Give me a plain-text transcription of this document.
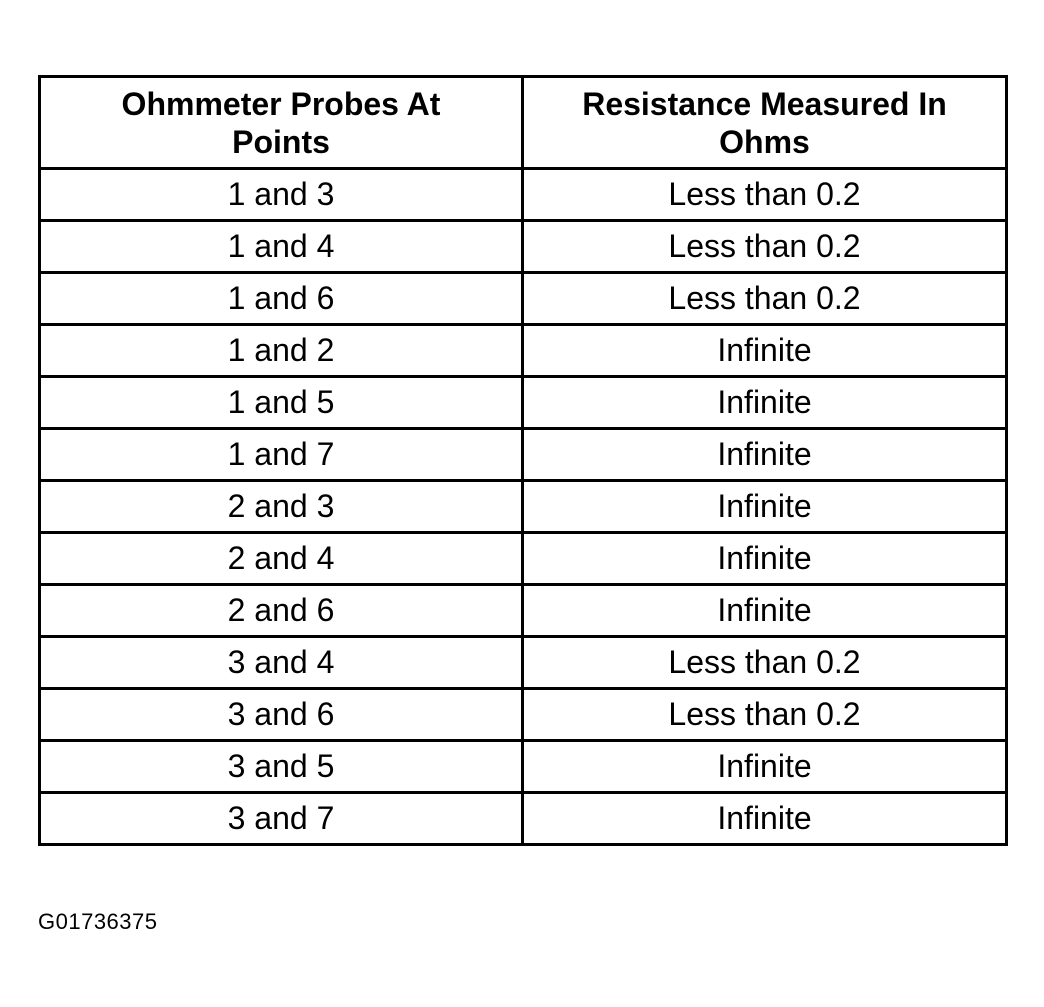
Ohmmeter Probes At Points	Resistance Measured In Ohms
1 and 3	Less than 0.2
1 and 4	Less than 0.2
1 and 6	Less than 0.2
1 and 2	Infinite
1 and 5	Infinite
1 and 7	Infinite
2 and 3	Infinite
2 and 4	Infinite
2 and 6	Infinite
3 and 4	Less than 0.2
3 and 6	Less than 0.2
3 and 5	Infinite
3 and 7	Infinite
G01736375
